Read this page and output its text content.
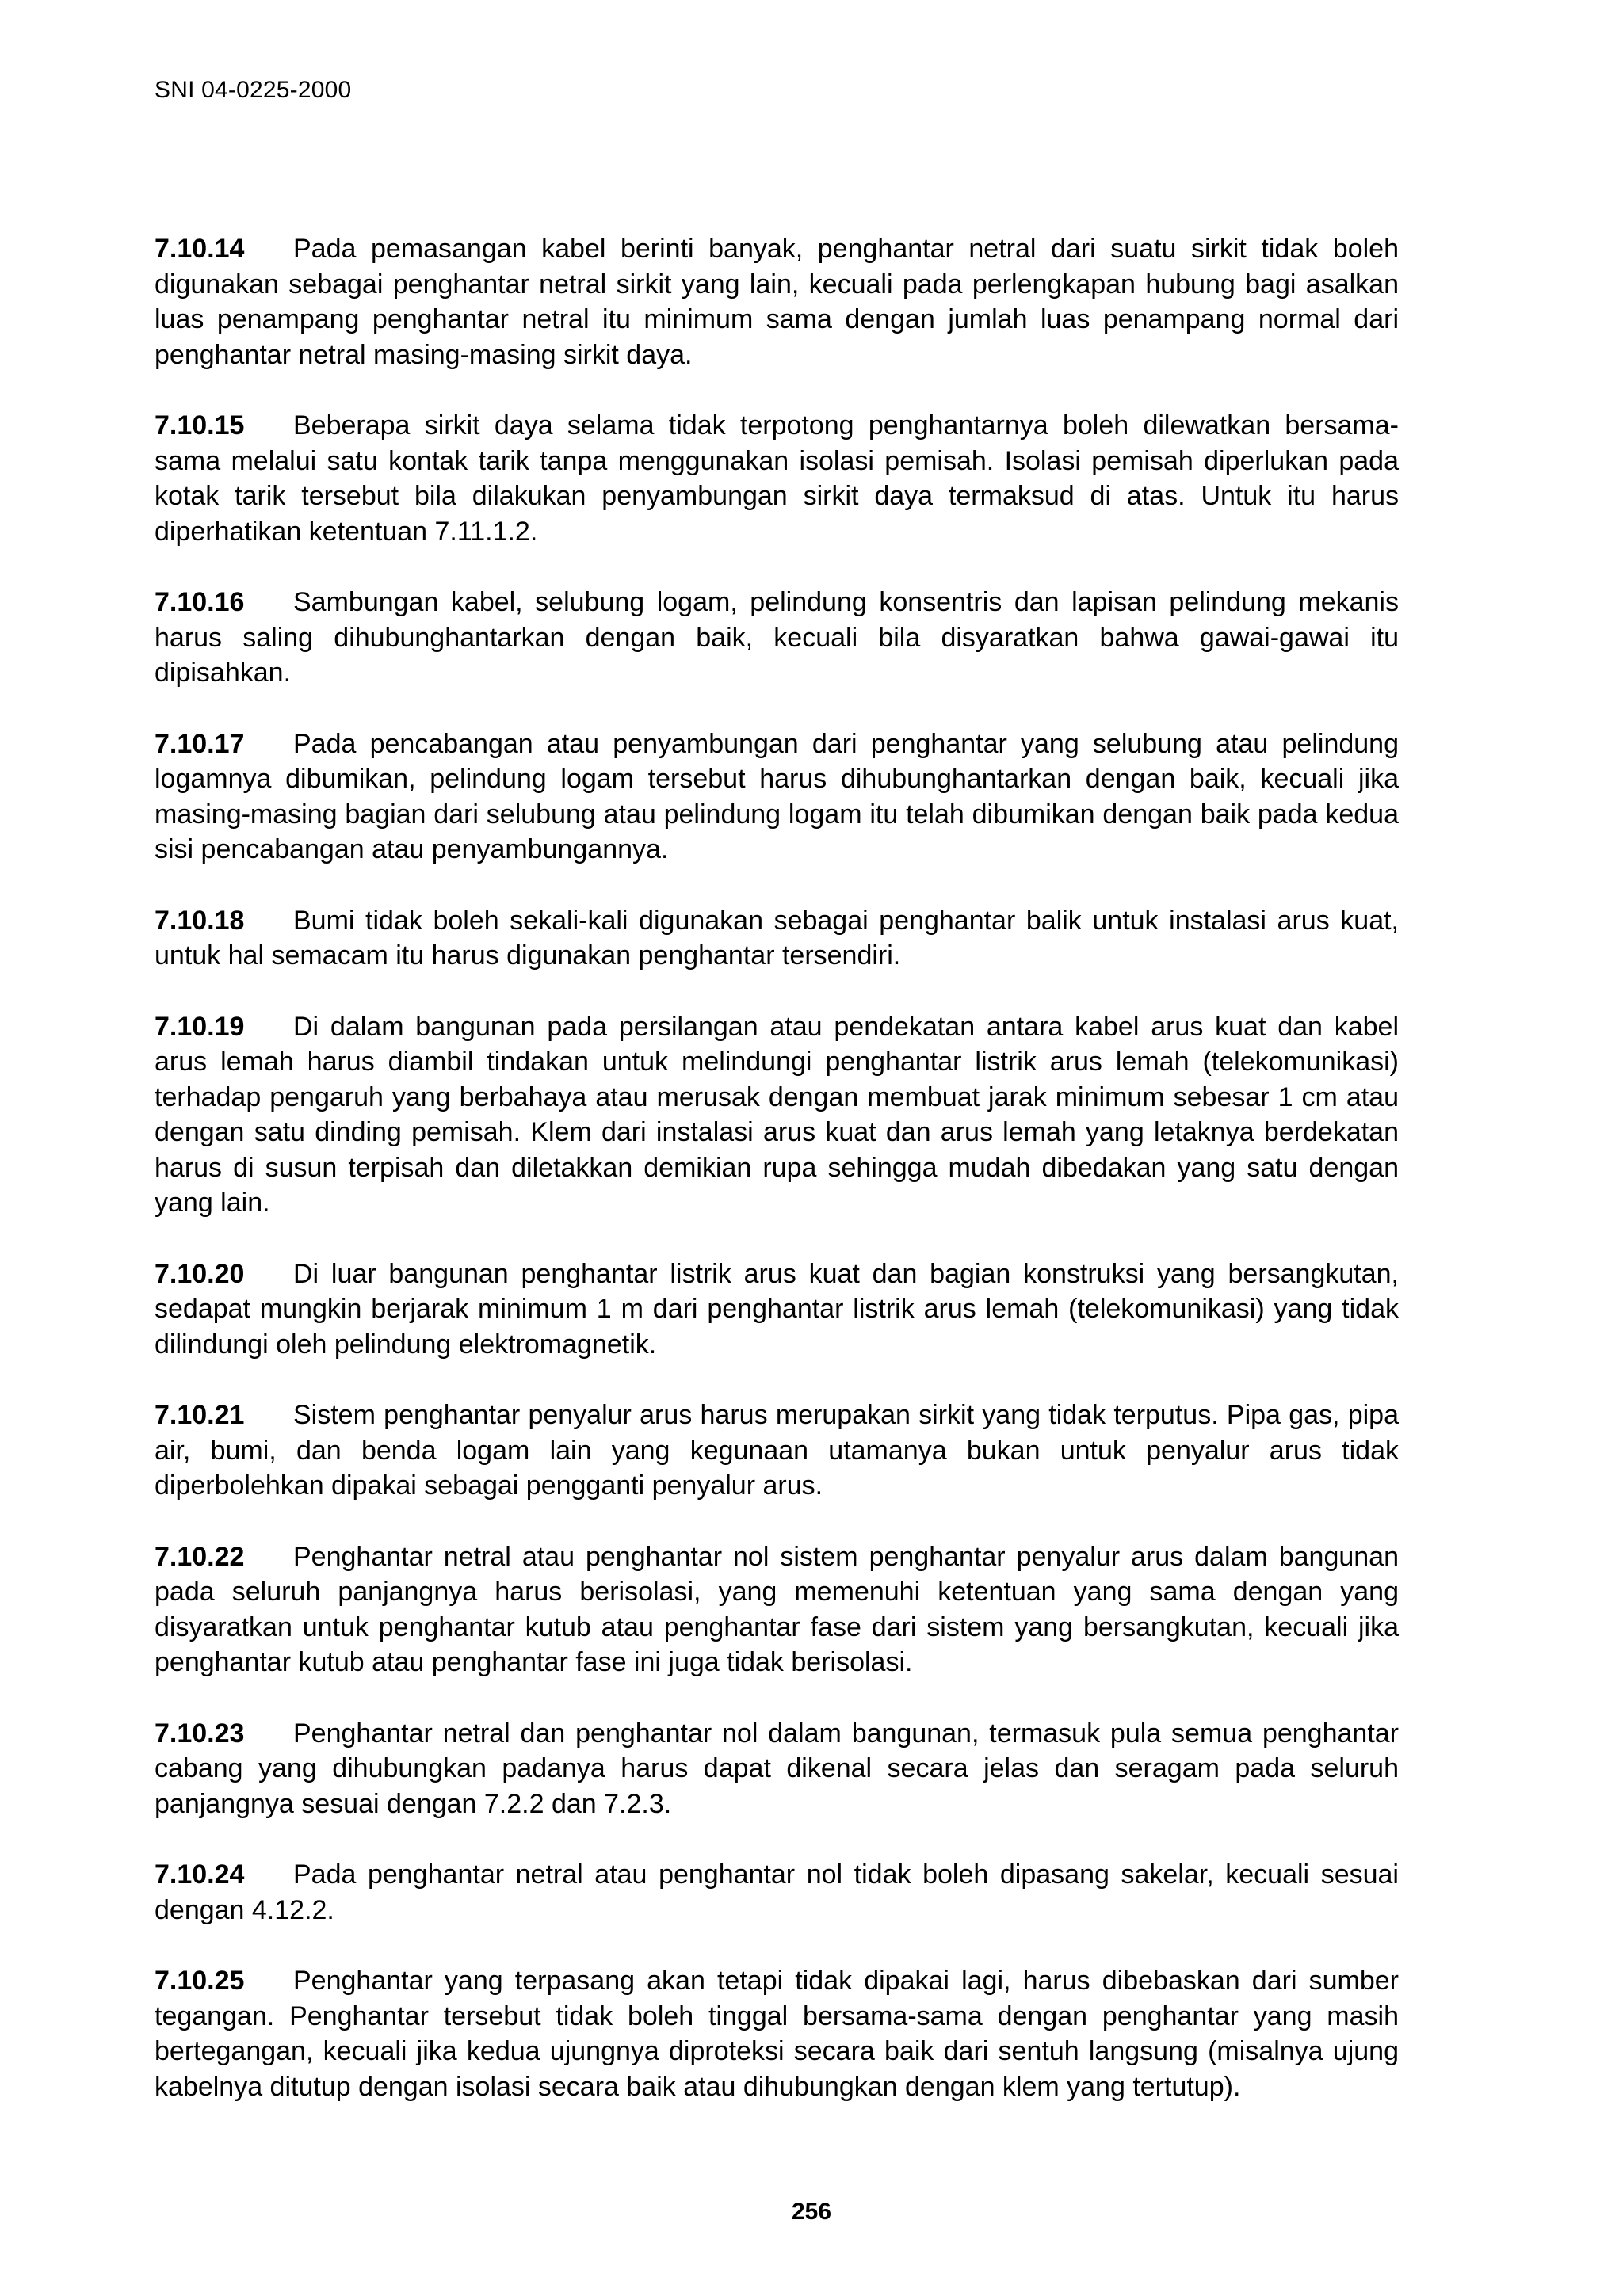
SNI 04-0225-2000

7.10.14 Pada pemasangan kabel berinti banyak, penghantar netral dari suatu sirkit tidak boleh digunakan sebagai penghantar netral sirkit yang lain, kecuali pada perlengkapan hubung bagi asalkan luas penampang penghantar netral itu minimum sama dengan jumlah luas penampang normal dari penghantar netral masing-masing sirkit daya.

7.10.15 Beberapa sirkit daya selama tidak terpotong penghantarnya boleh dilewatkan bersama-sama melalui satu kontak tarik tanpa menggunakan isolasi pemisah. Isolasi pemisah diperlukan pada kotak tarik tersebut bila dilakukan penyambungan sirkit daya termaksud di atas. Untuk itu harus diperhatikan ketentuan 7.11.1.2.

7.10.16 Sambungan kabel, selubung logam, pelindung konsentris dan lapisan pelindung mekanis harus saling dihubunghantarkan dengan baik, kecuali bila disyaratkan bahwa gawai-gawai itu dipisahkan.

7.10.17 Pada pencabangan atau penyambungan dari penghantar yang selubung atau pelindung logamnya dibumikan, pelindung logam tersebut harus dihubunghantarkan dengan baik, kecuali jika masing-masing bagian dari selubung atau pelindung logam itu telah dibumikan dengan baik pada kedua sisi pencabangan atau penyambungannya.

7.10.18 Bumi tidak boleh sekali-kali digunakan sebagai penghantar balik untuk instalasi arus kuat, untuk hal semacam itu harus digunakan penghantar tersendiri.

7.10.19 Di dalam bangunan pada persilangan atau pendekatan antara kabel arus kuat dan kabel arus lemah harus diambil tindakan untuk melindungi penghantar listrik arus lemah (telekomunikasi) terhadap pengaruh yang berbahaya atau merusak dengan membuat jarak minimum sebesar 1 cm atau dengan satu dinding pemisah. Klem dari instalasi arus kuat dan arus lemah yang letaknya berdekatan harus di susun terpisah dan diletakkan demikian rupa sehingga mudah dibedakan yang satu dengan yang lain.

7.10.20 Di luar bangunan penghantar listrik arus kuat dan bagian konstruksi yang bersangkutan, sedapat mungkin berjarak minimum 1 m dari penghantar listrik arus lemah (telekomunikasi) yang tidak dilindungi oleh pelindung elektromagnetik.

7.10.21 Sistem penghantar penyalur arus harus merupakan sirkit yang tidak terputus. Pipa gas, pipa air, bumi, dan benda logam lain yang kegunaan utamanya bukan untuk penyalur arus tidak diperbolehkan dipakai sebagai pengganti penyalur arus.

7.10.22 Penghantar netral atau penghantar nol sistem penghantar penyalur arus dalam bangunan pada seluruh panjangnya harus berisolasi, yang memenuhi ketentuan yang sama dengan yang disyaratkan untuk penghantar kutub atau penghantar fase dari sistem yang bersangkutan, kecuali jika penghantar kutub atau penghantar fase ini juga tidak berisolasi.

7.10.23 Penghantar netral dan penghantar nol dalam bangunan, termasuk pula semua penghantar cabang yang dihubungkan padanya harus dapat dikenal secara jelas dan seragam pada seluruh panjangnya sesuai dengan 7.2.2 dan 7.2.3.

7.10.24 Pada penghantar netral atau penghantar nol tidak boleh dipasang sakelar, kecuali sesuai dengan 4.12.2.

7.10.25 Penghantar yang terpasang akan tetapi tidak dipakai lagi, harus dibebaskan dari sumber tegangan. Penghantar tersebut tidak boleh tinggal bersama-sama dengan penghantar yang masih bertegangan, kecuali jika kedua ujungnya diproteksi secara baik dari sentuh langsung (misalnya ujung kabelnya ditutup dengan isolasi secara baik atau dihubungkan dengan klem yang tertutup).

256
